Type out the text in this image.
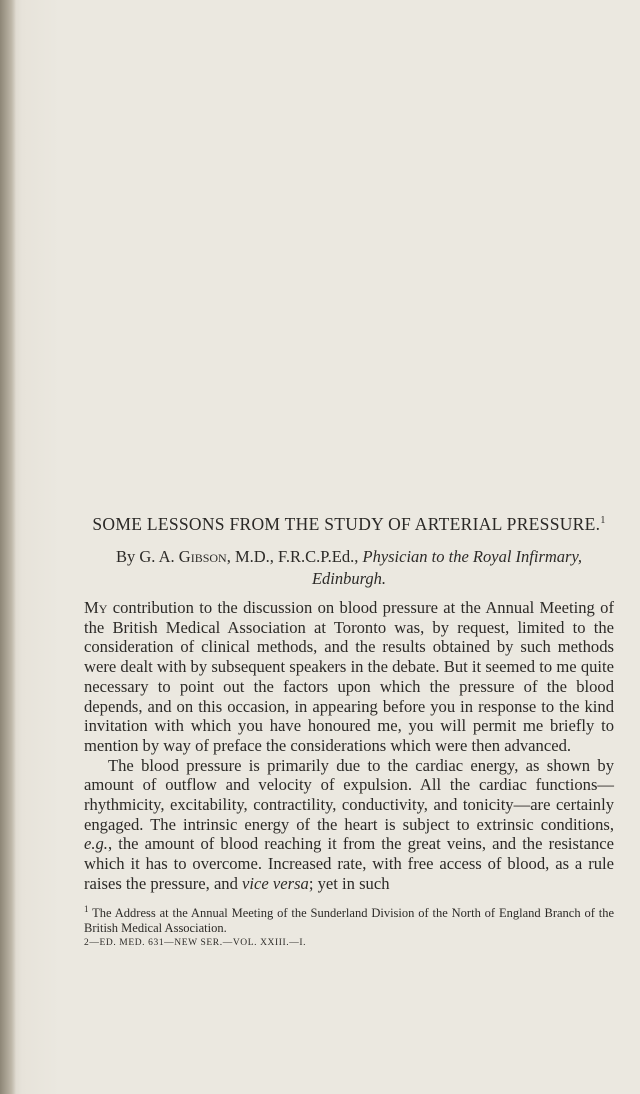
SOME LESSONS FROM THE STUDY OF ARTERIAL PRESSURE.$^1$
By G. A. Gibson, M.D., F.R.C.P.Ed., Physician to the Royal Infirmary, Edinburgh.

My contribution to the discussion on blood pressure at the Annual Meeting of the British Medical Association at Toronto was, by request, limited to the consideration of clinical methods, and the results obtained by such methods were dealt with by subsequent speakers in the debate. But it seemed to me quite necessary to point out the factors upon which the pressure of the blood depends, and on this occasion, in appearing before you in response to the kind invitation with which you have honoured me, you will permit me briefly to mention by way of preface the considerations which were then advanced.

The blood pressure is primarily due to the cardiac energy, as shown by amount of outflow and velocity of expulsion. All the cardiac functions—rhythmicity, excitability, contractility, conductivity, and tonicity—are certainly engaged. The intrinsic energy of the heart is subject to extrinsic conditions, e.g., the amount of blood reaching it from the great veins, and the resistance which it has to overcome. Increased rate, with free access of blood, as a rule raises the pressure, and vice versa; yet in such

$^1$ The Address at the Annual Meeting of the Sunderland Division of the North of England Branch of the British Medical Association.
2—ED. MED. 631—NEW SER.—VOL. XXIII.—I.
